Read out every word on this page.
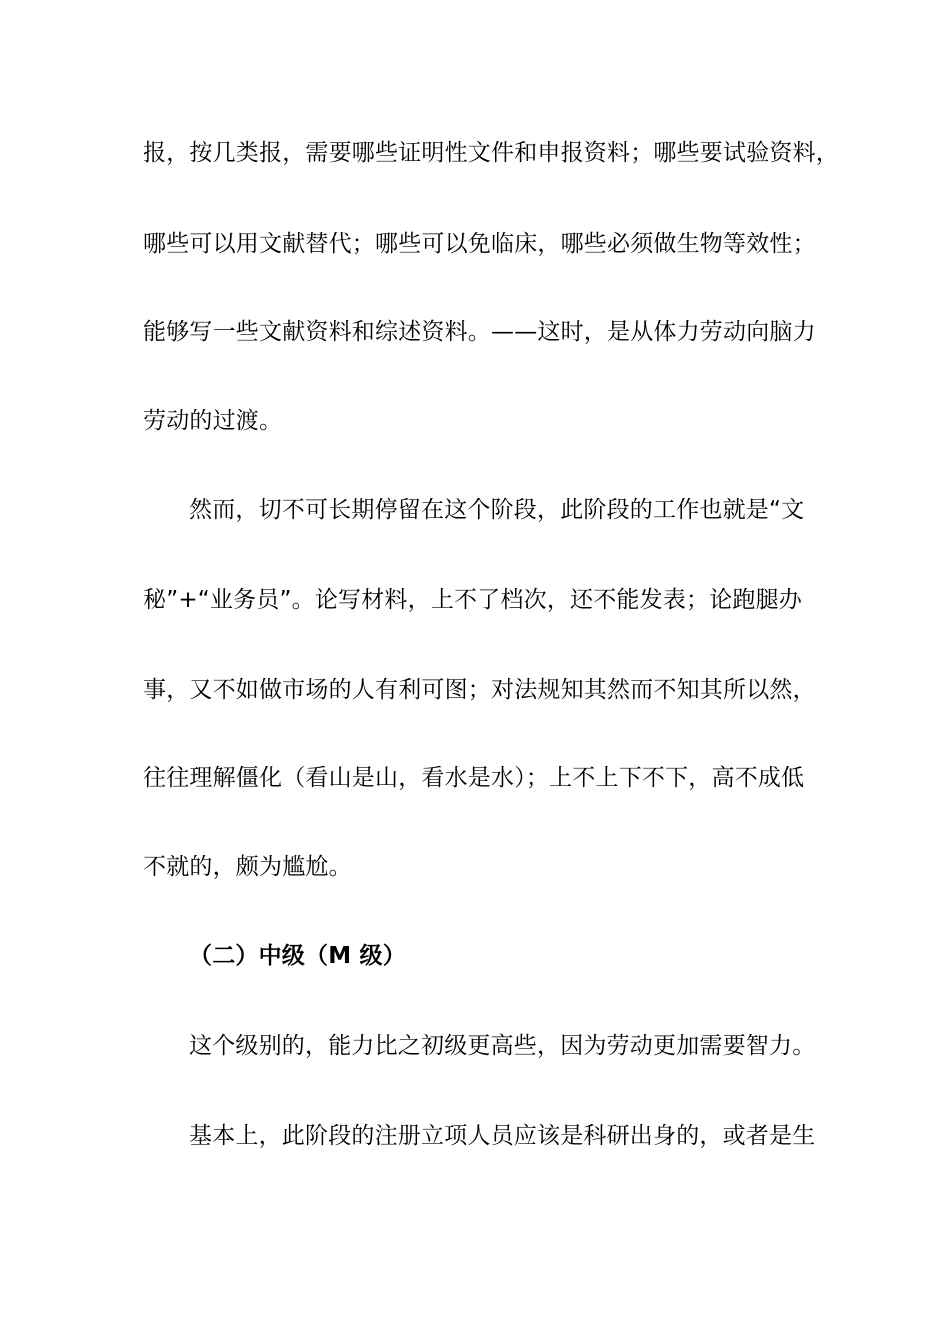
报，按几类报，需要哪些证明性文件和申报资料；哪些要试验资料，
哪些可以用文献替代；哪些可以免临床，哪些必须做生物等效性；
能够写一些文献资料和综述资料。——这时，是从体力劳动向脑力
劳动的过渡。
然而，切不可长期停留在这个阶段，此阶段的工作也就是“文
秘”+“业务员”。论写材料，上不了档次，还不能发表；论跑腿办
事，又不如做市场的人有利可图；对法规知其然而不知其所以然，
往往理解僵化（看山是山，看水是水）；上不上下不下，高不成低
不就的，颇为尴尬。
（二）中级（M 级）
这个级别的，能力比之初级更高些，因为劳动更加需要智力。
基本上，此阶段的注册立项人员应该是科研出身的，或者是生
